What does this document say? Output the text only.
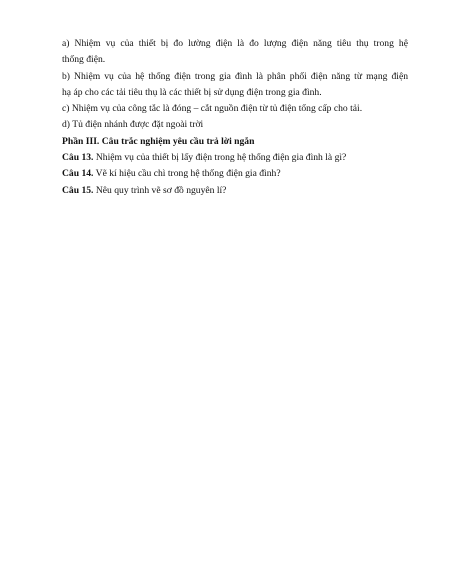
a) Nhiệm vụ của thiết bị đo lường điện là đo lượng điện năng tiêu thụ trong hệ
thống điện.

b) Nhiệm vụ của hệ thống điện trong gia đình là phân phối điện năng từ mạng điện
hạ áp cho các tải tiêu thụ là các thiết bị sử dụng điện trong gia đình.

c) Nhiệm vụ của công tắc là đóng – cắt nguồn điện từ tủ điện tổng cấp cho tải.

d) Tủ điện nhánh được đặt ngoài trời

Phần III. Câu trắc nghiệm yêu cầu trả lời ngắn

Câu 13. Nhiệm vụ của thiết bị lấy điện trong hệ thống điện gia đình là gì?

Câu 14. Vẽ kí hiệu cầu chì trong hệ thống điện gia đình?

Câu 15. Nêu quy trình vẽ sơ đồ nguyên lí?
